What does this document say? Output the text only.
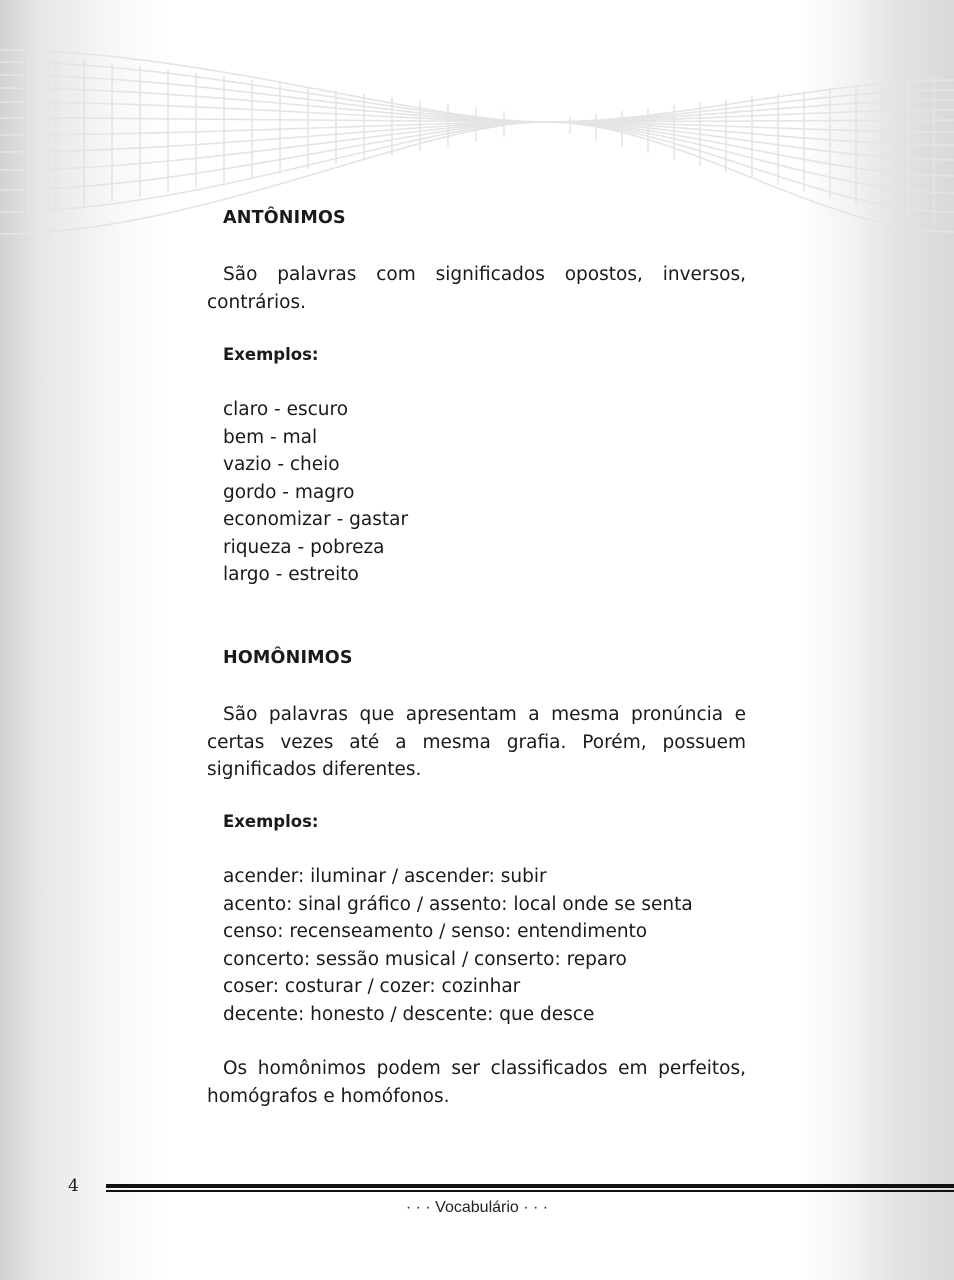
ANTÔNIMOS

São palavras com significados opostos, inversos, contrários.

Exemplos:
claro - escuro
bem - mal
vazio - cheio
gordo - magro
economizar - gastar
riqueza - pobreza
largo - estreito
HOMÔNIMOS

São palavras que apresentam a mesma pronúncia e certas vezes até a mesma grafia. Porém, possuem significados diferentes.

Exemplos:
acender: iluminar / ascender: subir
acento: sinal gráfico / assento: local onde se senta
censo: recenseamento / senso: entendimento
concerto: sessão musical / conserto: reparo
coser: costurar / cozer: cozinhar
decente: honesto / descente: que desce

Os homônimos podem ser classificados em perfeitos, homógrafos e homófonos.

4
· · · Vocabulário · · ·
